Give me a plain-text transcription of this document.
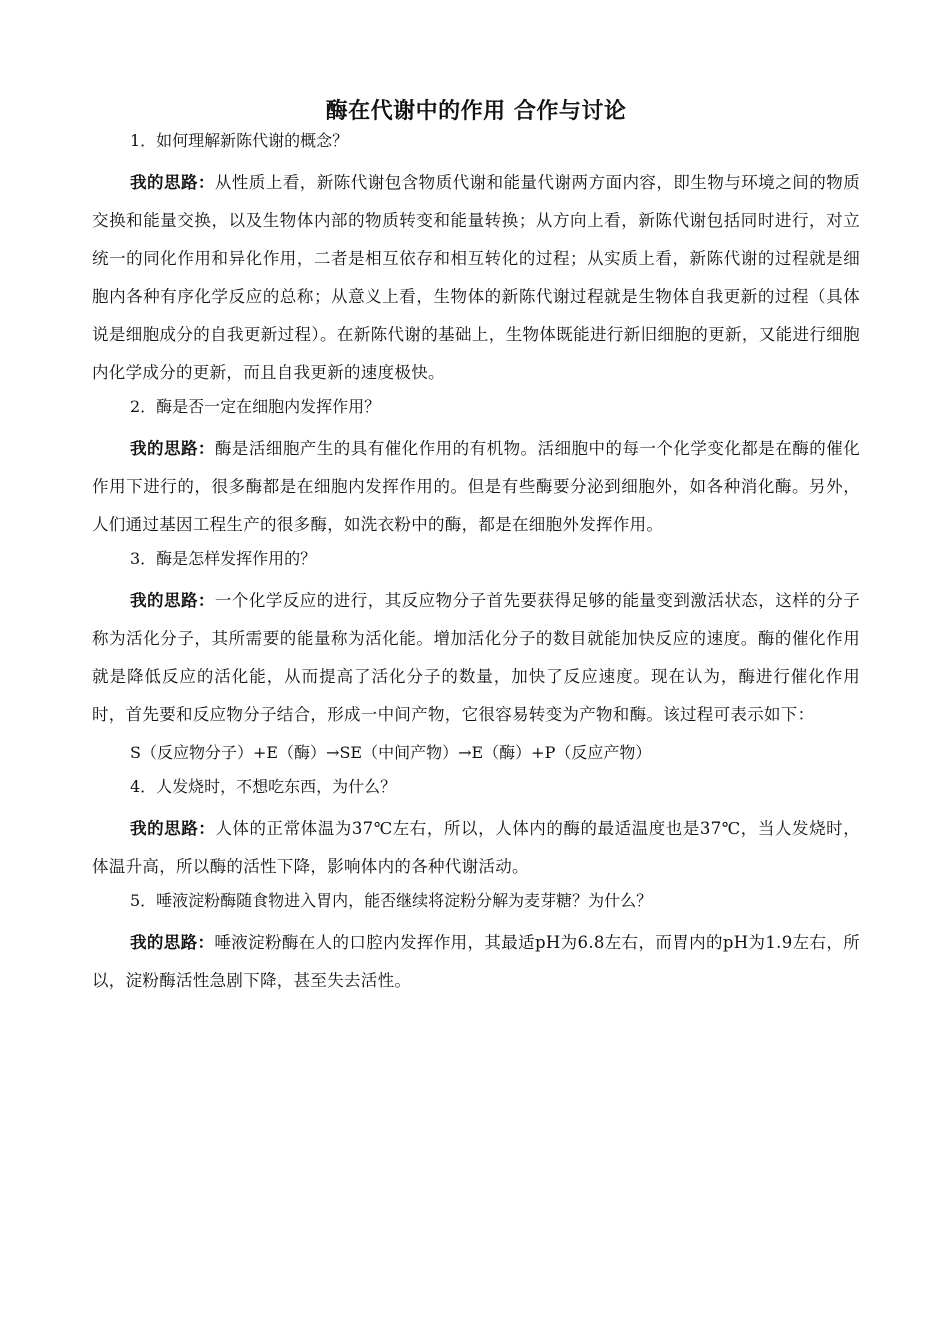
酶在代谢中的作用 合作与讨论

1．如何理解新陈代谢的概念？

我的思路：从性质上看，新陈代谢包含物质代谢和能量代谢两方面内容，即生物与环境之间的物质交换和能量交换，以及生物体内部的物质转变和能量转换；从方向上看，新陈代谢包括同时进行，对立统一的同化作用和异化作用，二者是相互依存和相互转化的过程；从实质上看，新陈代谢的过程就是细胞内各种有序化学反应的总称；从意义上看，生物体的新陈代谢过程就是生物体自我更新的过程（具体说是细胞成分的自我更新过程）。在新陈代谢的基础上，生物体既能进行新旧细胞的更新，又能进行细胞内化学成分的更新，而且自我更新的速度极快。

2．酶是否一定在细胞内发挥作用？

我的思路：酶是活细胞产生的具有催化作用的有机物。活细胞中的每一个化学变化都是在酶的催化作用下进行的，很多酶都是在细胞内发挥作用的。但是有些酶要分泌到细胞外，如各种消化酶。另外，人们通过基因工程生产的很多酶，如洗衣粉中的酶，都是在细胞外发挥作用。

3．酶是怎样发挥作用的？

我的思路：一个化学反应的进行，其反应物分子首先要获得足够的能量变到激活状态，这样的分子称为活化分子，其所需要的能量称为活化能。增加活化分子的数目就能加快反应的速度。酶的催化作用就是降低反应的活化能，从而提高了活化分子的数量，加快了反应速度。现在认为，酶进行催化作用时，首先要和反应物分子结合，形成一中间产物，它很容易转变为产物和酶。该过程可表示如下：

S（反应物分子）+E（酶）→SE（中间产物）→E（酶）+P（反应产物）

4．人发烧时，不想吃东西，为什么？

我的思路：人体的正常体温为37℃左右，所以，人体内的酶的最适温度也是37℃，当人发烧时，体温升高，所以酶的活性下降，影响体内的各种代谢活动。

5．唾液淀粉酶随食物进入胃内，能否继续将淀粉分解为麦芽糖？为什么？

我的思路：唾液淀粉酶在人的口腔内发挥作用，其最适pH为6.8左右，而胃内的pH为1.9左右，所以，淀粉酶活性急剧下降，甚至失去活性。
